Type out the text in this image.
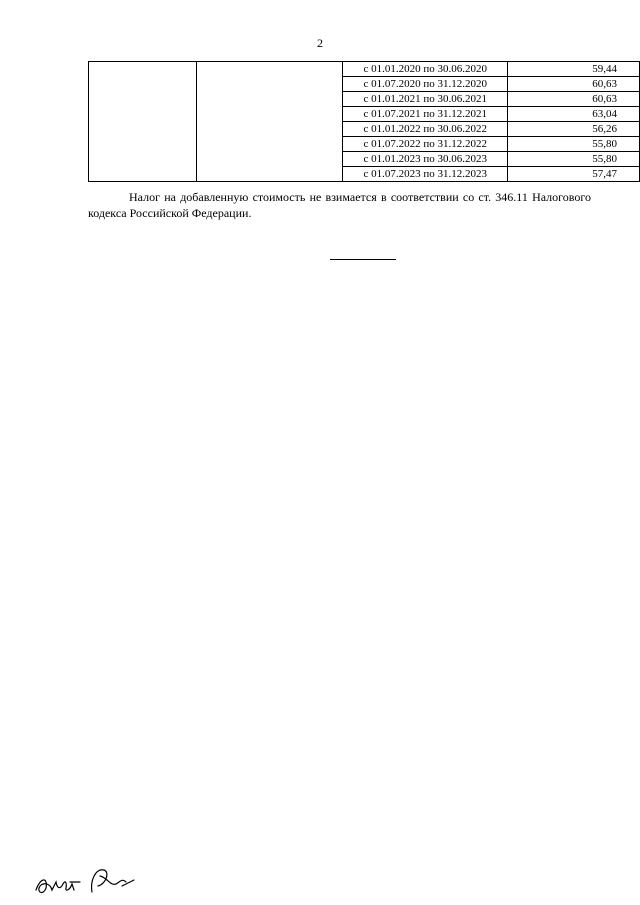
2
		с 01.01.2020 по 30.06.2020	59,44
		с 01.07.2020 по 31.12.2020	60,63
		с 01.01.2021 по 30.06.2021	60,63
		с 01.07.2021 по 31.12.2021	63,04
		с 01.01.2022 по 30.06.2022	56,26
		с 01.07.2022 по 31.12.2022	55,80
		с 01.01.2023 по 30.06.2023	55,80
		с 01.07.2023 по 31.12.2023	57,47

Налог на добавленную стоимость не взимается в соответствии со ст. 346.11 Налогового кодекса Российской Федерации.
